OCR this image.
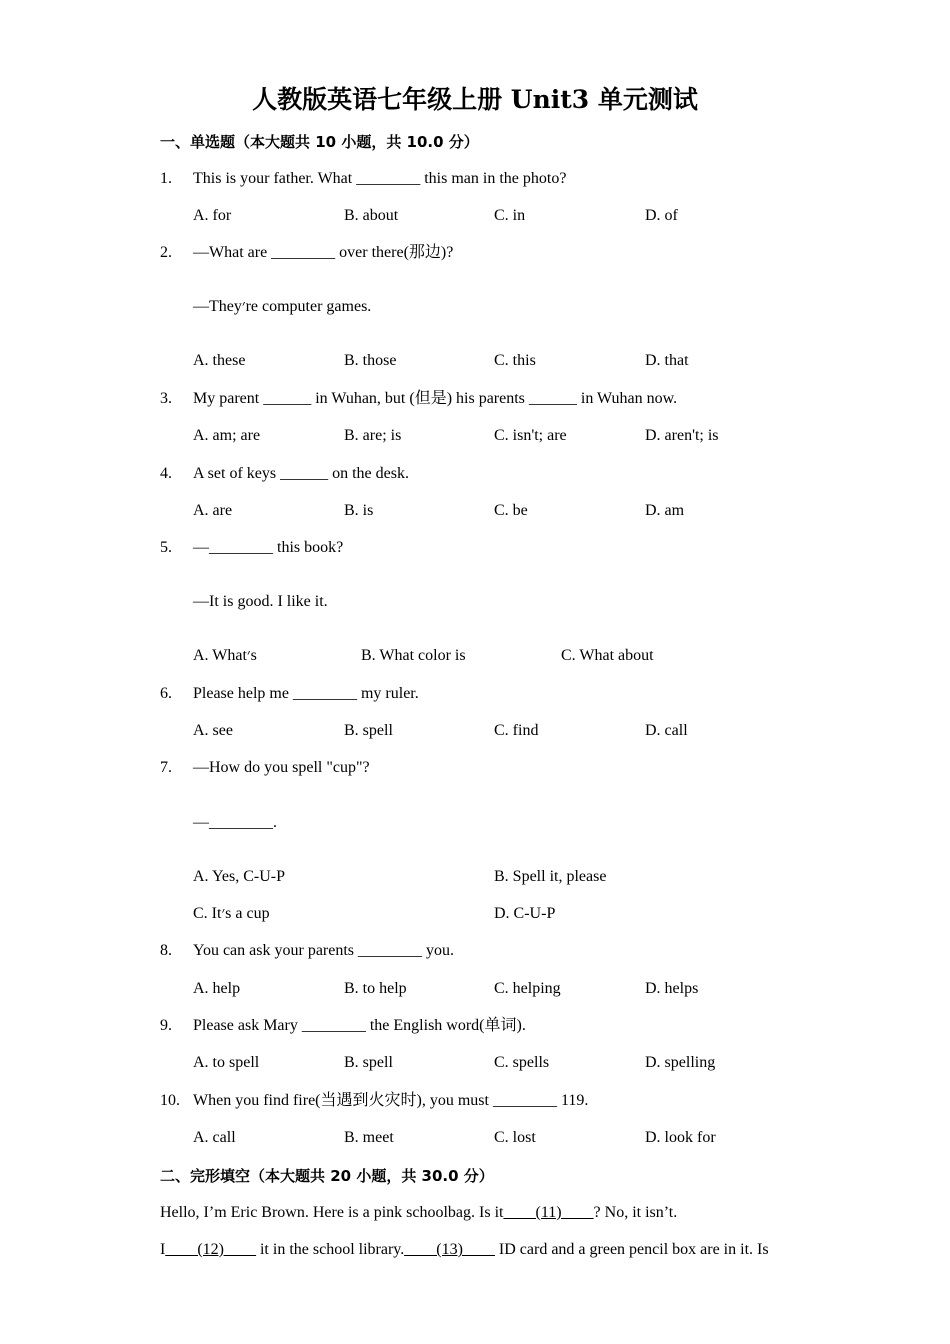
人教版英语七年级上册 Unit3 单元测试
一、单选题（本大题共 10 小题，共 10.0 分）
1. This is your father. What ________ this man in the photo?
A. for	B. about	C. in	D. of
2. —What are ________ over there(那边)?
—They׳re computer games.
A. these	B. those	C. this	D. that
3. My parent ______ in Wuhan, but (但是) his parents ______ in Wuhan now.
A. am; are	B. are; is	C. isn't; are	D. aren't; is
4. A set of keys ______ on the desk.
A. are	B. is	C. be	D. am
5. —________ this book?
—It is good. I like it.
A. What׳s	B. What color is	C. What about
6. Please help me ________ my ruler.
A. see	B. spell	C. find	D. call
7. —How do you spell "cup"?
—________.
A. Yes, C-U-P	B. Spell it, please
C. It׳s a cup	D. C-U-P
8. You can ask your parents ________ you.
A. help	B. to help	C. helping	D. helps
9. Please ask Mary ________ the English word(单词).
A. to spell	B. spell	C. spells	D. spelling
10. When you find fire(当遇到火灾时), you must ________ 119.
A. call	B. meet	C. lost	D. look for
二、完形填空（本大题共 20 小题，共 30.0 分）
Hello, I’m Eric Brown. Here is a pink schoolbag. Is it____(11)____? No, it isn’t.
I____(12)____ it in the school library.____(13)____ ID card and a green pencil box are in it. Is
